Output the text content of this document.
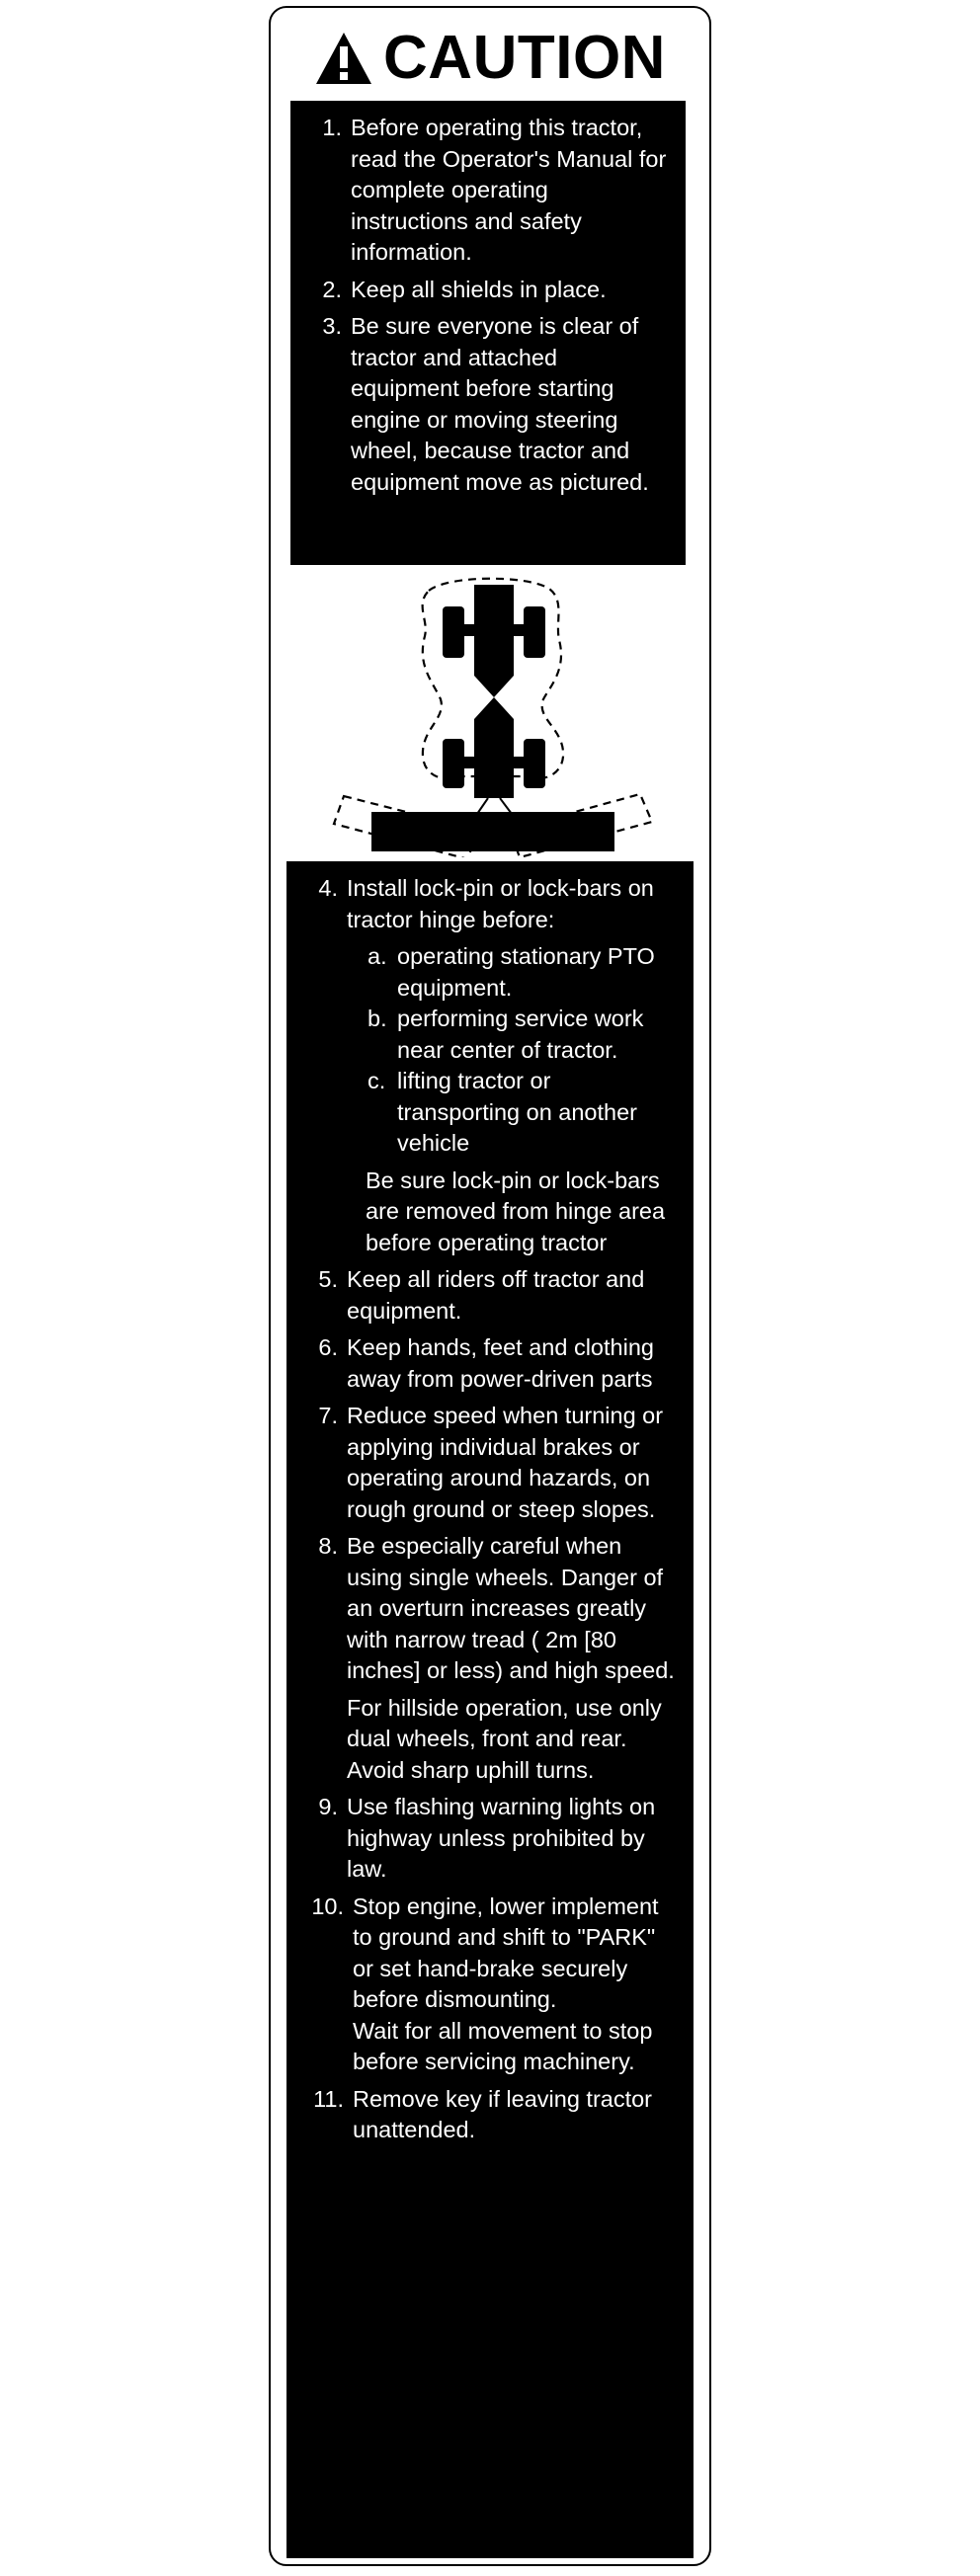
CAUTION
1. Before operating this tractor, read the Operator's Manual for complete operating instructions and safety information.
2. Keep all shields in place.
3. Be sure everyone is clear of tractor and attached equipment before starting engine or moving steering wheel, because tractor and equipment move as pictured.
4. Install lock-pin or lock-bars on tractor hinge before:
a. operating stationary PTO equipment.
b. performing service work near center of tractor.
c. lifting tractor or transporting on another vehicle
Be sure lock-pin or lock-bars are removed from hinge area before operating tractor
5. Keep all riders off tractor and equipment.
6. Keep hands, feet and clothing away from power-driven parts
7. Reduce speed when turning or applying individual brakes or operating around hazards, on rough ground or steep slopes.
8. Be especially careful when using single wheels. Danger of an overturn increases greatly with narrow tread ( 2m [80 inches] or less) and high speed.
For hillside operation, use only dual wheels, front and rear. Avoid sharp uphill turns.
9. Use flashing warning lights on highway unless prohibited by law.
10. Stop engine, lower implement to ground and shift to "PARK" or set hand-brake securely before dismounting.
Wait for all movement to stop before servicing machinery.
11. Remove key if leaving tractor unattended.
